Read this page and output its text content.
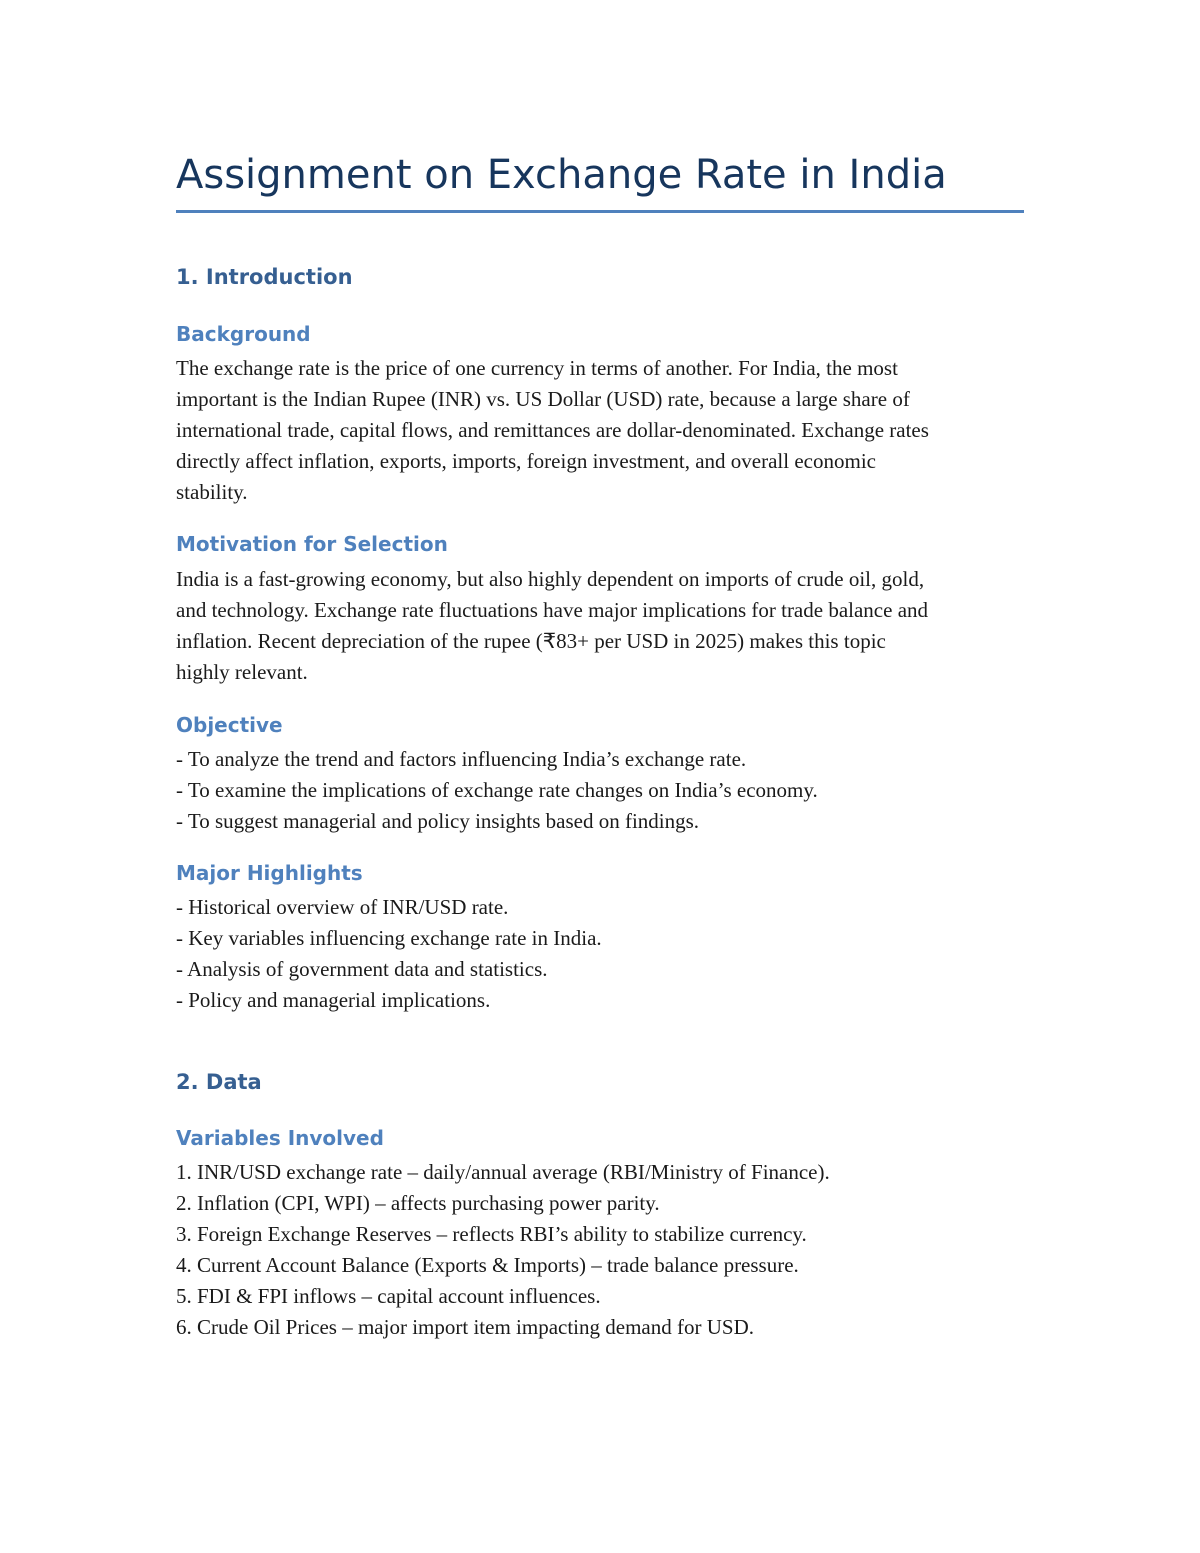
Assignment on Exchange Rate in India
1. Introduction
Background
The exchange rate is the price of one currency in terms of another. For India, the most
important is the Indian Rupee (INR) vs. US Dollar (USD) rate, because a large share of
international trade, capital flows, and remittances are dollar-denominated. Exchange rates
directly affect inflation, exports, imports, foreign investment, and overall economic
stability.
Motivation for Selection
India is a fast-growing economy, but also highly dependent on imports of crude oil, gold,
and technology. Exchange rate fluctuations have major implications for trade balance and
inflation. Recent depreciation of the rupee (₹83+ per USD in 2025) makes this topic
highly relevant.
Objective
- To analyze the trend and factors influencing India’s exchange rate.
- To examine the implications of exchange rate changes on India’s economy.
- To suggest managerial and policy insights based on findings.
Major Highlights
- Historical overview of INR/USD rate.
- Key variables influencing exchange rate in India.
- Analysis of government data and statistics.
- Policy and managerial implications.
2. Data
Variables Involved
1. INR/USD exchange rate – daily/annual average (RBI/Ministry of Finance).
2. Inflation (CPI, WPI) – affects purchasing power parity.
3. Foreign Exchange Reserves – reflects RBI’s ability to stabilize currency.
4. Current Account Balance (Exports & Imports) – trade balance pressure.
5. FDI & FPI inflows – capital account influences.
6. Crude Oil Prices – major import item impacting demand for USD.
